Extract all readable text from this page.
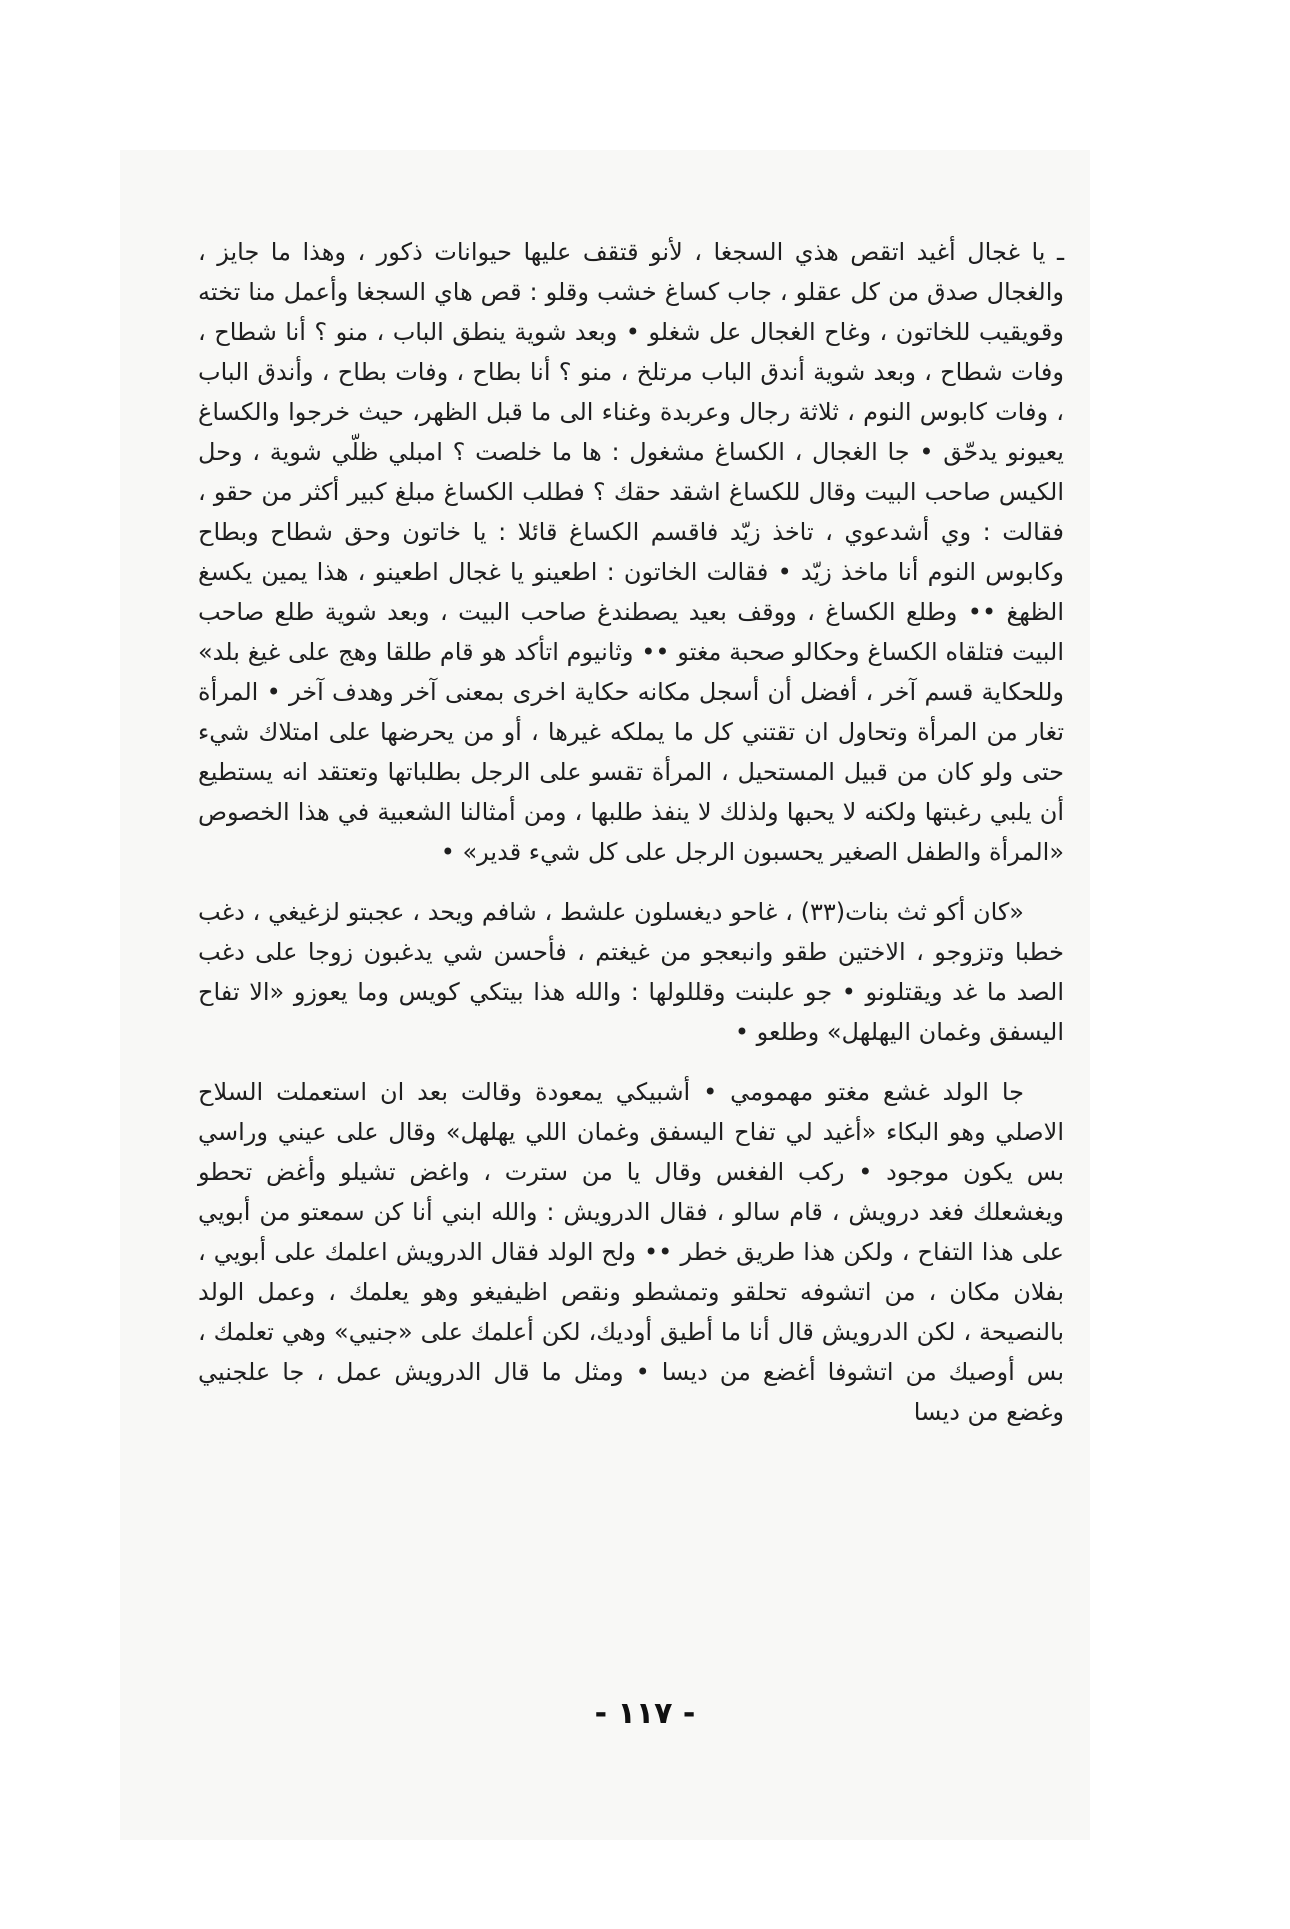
ـ يا غجال أغيد اتقص هذي السجغا ، لأنو قتقف عليها حيوانات ذكور ، وهذا ما جايز ، والغجال صدق من كل عقلو ، جاب كساغ خشب وقلو : قص هاي السجغا وأعمل منا تخته وقويقيب للخاتون ، وغاح الغجال عل شغلو • وبعد شوية ينطق الباب ، منو ؟ أنا شطاح ، وفات شطاح ، وبعد شوية أندق الباب مرتلخ ، منو ؟ أنا بطاح ، وفات بطاح ، وأندق الباب ، وفات كابوس النوم ، ثلاثة رجال وعربدة وغناء الى ما قبل الظهر، حيث خرجوا والكساغ يعيونو يدحّق • جا الغجال ، الكساغ مشغول : ها ما خلصت ؟ امبلي ظلّي شوية ، وحل الكيس صاحب البيت وقال للكساغ اشقد حقك ؟ فطلب الكساغ مبلغ كبير أكثر من حقو ، فقالت : وي أشدعوي ، تاخذ زيّد فاقسم الكساغ قائلا : يا خاتون وحق شطاح وبطاح وكابوس النوم أنا ماخذ زيّد • فقالت الخاتون : اطعينو يا غجال اطعينو ، هذا يمين يكسغ الظهغ •• وطلع الكساغ ، ووقف بعيد يصطندغ صاحب البيت ، وبعد شوية طلع صاحب البيت فتلقاه الكساغ وحكالو صحبة مغتو •• وثانيوم اتأكد هو قام طلقا وهج على غيغ بلد» وللحكاية قسم آخر ، أفضل أن أسجل مكانه حكاية اخرى بمعنى آخر وهدف آخر • المرأة تغار من المرأة وتحاول ان تقتني كل ما يملكه غيرها ، أو من يحرضها على امتلاك شيء حتى ولو كان من قبيل المستحيل ، المرأة تقسو على الرجل بطلباتها وتعتقد انه يستطيع أن يلبي رغبتها ولكنه لا يحبها ولذلك لا ينفذ طلبها ، ومن أمثالنا الشعبية في هذا الخصوص «المرأة والطفل الصغير يحسبون الرجل على كل شيء قدير» •

«كان أكو ثث بنات(٣٣) ، غاحو ديغسلون علشط ، شافم ويحد ، عجبتو لزغيغي ، دغب خطبا وتزوجو ، الاختين طقو وانبعجو من غيغتم ، فأحسن شي يدغبون زوجا على دغب الصد ما غد ويقتلونو • جو علبنت وقللولها : والله هذا بيتكي كويس وما يعوزو «الا تفاح اليسفق وغمان اليهلهل» وطلعو •

جا الولد غشع مغتو مهمومي • أشبيكي يمعودة وقالت بعد ان استعملت السلاح الاصلي وهو البكاء «أغيد لي تفاح اليسفق وغمان اللي يهلهل» وقال على عيني وراسي بس يكون موجود • ركب الفغس وقال يا من سترت ، واغض تشيلو وأغض تحطو ويغشعلك فغد درويش ، قام سالو ، فقال الدرويش : والله ابني أنا كن سمعتو من أبويي على هذا التفاح ، ولكن هذا طريق خطر •• ولح الولد فقال الدرويش اعلمك على أبويي ، بفلان مكان ، من اتشوفه تحلقو وتمشطو ونقص اظيفيغو وهو يعلمك ، وعمل الولد بالنصيحة ، لكن الدرويش قال أنا ما أطيق أوديك، لكن أعلمك على «جنيي» وهي تعلمك ، بس أوصيك من اتشوفا أغضع من ديسا • ومثل ما قال الدرويش عمل ، جا علجنيي وغضع من ديسا

- ١١٧ -
